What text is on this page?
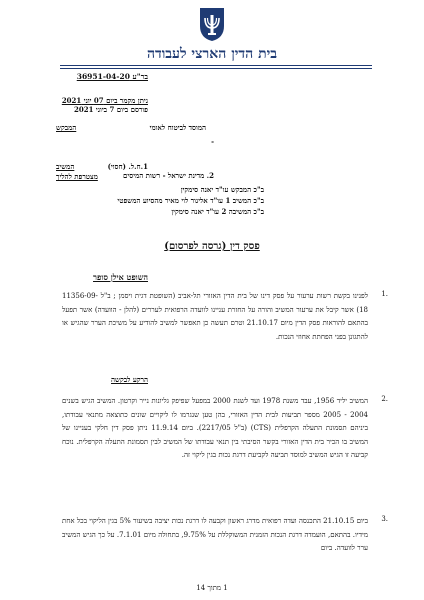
בית הדין הארצי לעבודה
בר"ע 36951-04-20
ניתן מקמר ביום 07 יוני 2021
פורסם ביום 7 ביוני 2021
המוסד לביטוח לאומי
המבקש
-
1.ח.ל. (חסוי)
2. מדינת ישראל - רשות המיסים
המשיב
מצטרפת להליך
ב"כ המבקש עו"ד יאנה סימקין
ב"כ המשיב 1 עו"ד אלינור לוי מאיר מהסיוע המשפטי
ב"כ המשיבה 2 עו"ד יאנה סימקין
פסק דין (גרסה לפרסום)
השופט אילן סופר
1.
לפנינו בקשת רשות ערעור על פסק דינו של בית הדין האזורי תל-אביב (השופטת דגית ויסמן ; ב"ל 11356-09-18) אשר קיבל את ערעור המשיב והורה על החזרת עניינו לוועדה הרפואית לעררים (להלן - הוועדה) אשר תפעל בהתאם להוראות פסק הדין מיום 21.10.17 וטרם תעשה כן תאפשר למשיב להודיע על משיכת הערר שהגיש או להתגונן בפני הפחתת אחוזי הנכות.
הרקע לבקשה
2.
המשיב יליד 1956, עבד משנת 1978 ועד לשנת 2000 במפעל שפיפק גליונות נייר וקרטון. המשיב הגיש בשנים 2004 - 2005 מספר תביעות לבית הדין האזורי, בהן טען שנגרמו לו ליקויים שונים כתוצאה מתנאי עבודתו, ביניהם תסמונת התעלה הקרפלית (CTS) (ב"ל 2217/05). ביום 11.9.14 ניתן פסק דין חלקי בעניינו של המשיב בו הכיר בית הדין האזורי בקשר הסיבתי בין תנאי עבודתו של המשיב לבין תסמונת התעלה הקרפלית. נוכח קביעה זו הגיש המשיב למוסד תביעה לקביעת דרגת נכות בגין ליקוי זה.
3.
ביום 21.10.15 התכנסה ועדה רפואית מדרג ראשון וקבעה לו דרגת נכות יציבה בשיעור 5% בגין הליקוי בכל אחת מידיו. בהתאם, הועמדה דרגת הנכות הזמנית המשוקללת על 9.75%, בתחולה מיום 7.1.01. על כך הגיש המשיב ערר לוועדה. ביום
1 מתוך 14
